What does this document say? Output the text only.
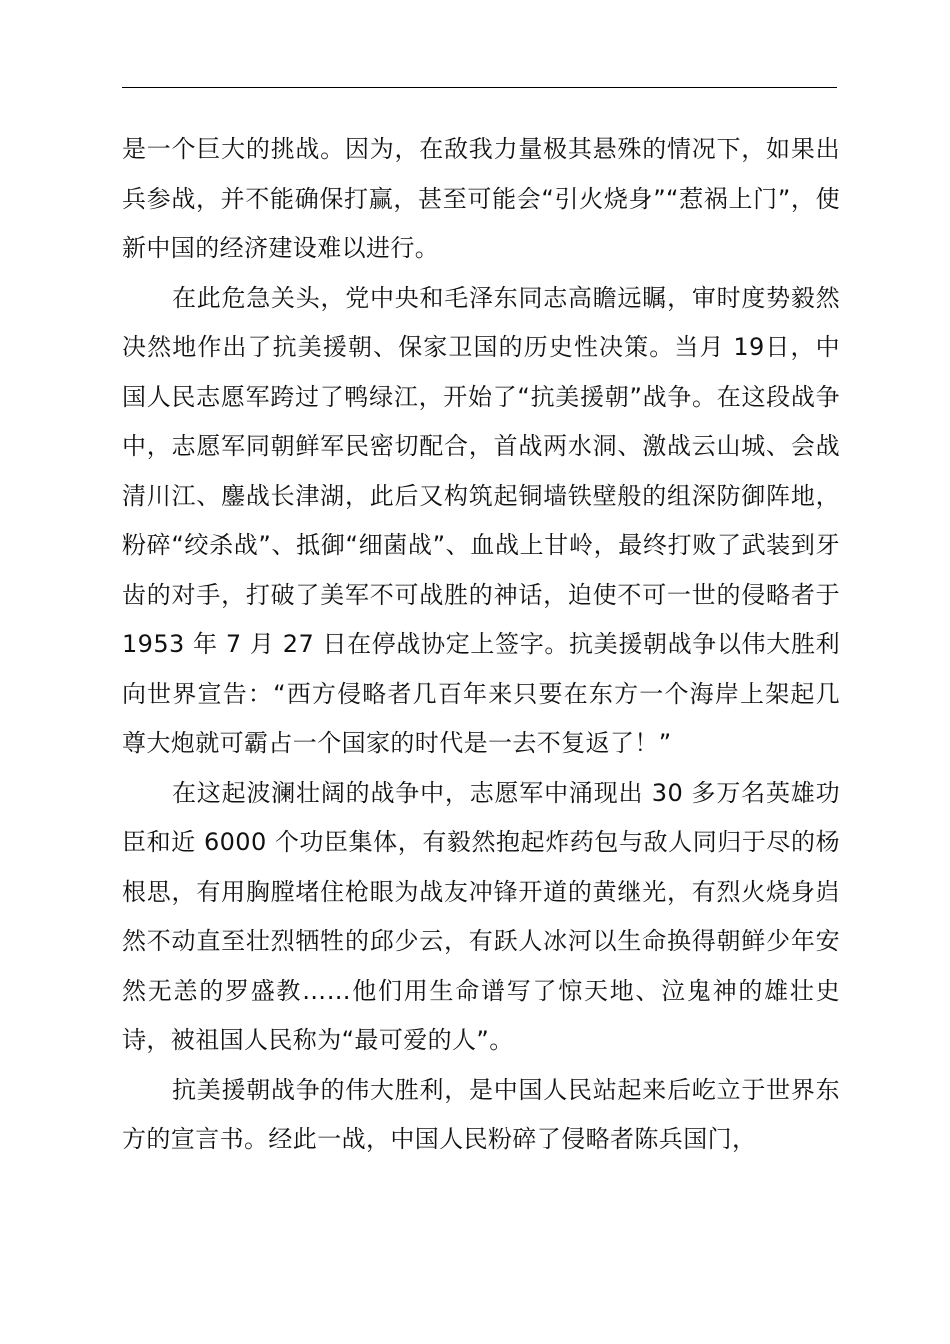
是一个巨大的挑战。因为，在敌我力量极其悬殊的情况下，如果出兵参战，并不能确保打赢，甚至可能会“引火烧身”“惹祸上门”，使新中国的经济建设难以进行。

在此危急关头，党中央和毛泽东同志高瞻远瞩，审时度势毅然决然地作出了抗美援朝、保家卫国的历史性决策。当月 19日，中国人民志愿军跨过了鸭绿江，开始了“抗美援朝”战争。在这段战争中，志愿军同朝鲜军民密切配合，首战两水洞、激战云山城、会战清川江、鏖战长津湖，此后又构筑起铜墙铁壁般的组深防御阵地，粉碎“绞杀战”、抵御“细菌战”、血战上甘岭，最终打败了武装到牙齿的对手，打破了美军不可战胜的神话，迫使不可一世的侵略者于 1953 年 7 月 27 日在停战协定上签字。抗美援朝战争以伟大胜利向世界宣告：“西方侵略者几百年来只要在东方一个海岸上架起几尊大炮就可霸占一个国家的时代是一去不复返了！”

在这起波澜壮阔的战争中，志愿军中涌现出 30 多万名英雄功臣和近 6000 个功臣集体，有毅然抱起炸药包与敌人同归于尽的杨根思，有用胸膛堵住枪眼为战友冲锋开道的黄继光，有烈火烧身岿然不动直至壮烈牺牲的邱少云，有跃人冰河以生命换得朝鲜少年安然无恙的罗盛教……他们用生命谱写了惊天地、泣鬼神的雄壮史诗，被祖国人民称为“最可爱的人”。

抗美援朝战争的伟大胜利，是中国人民站起来后屹立于世界东方的宣言书。经此一战，中国人民粉碎了侵略者陈兵国门，
